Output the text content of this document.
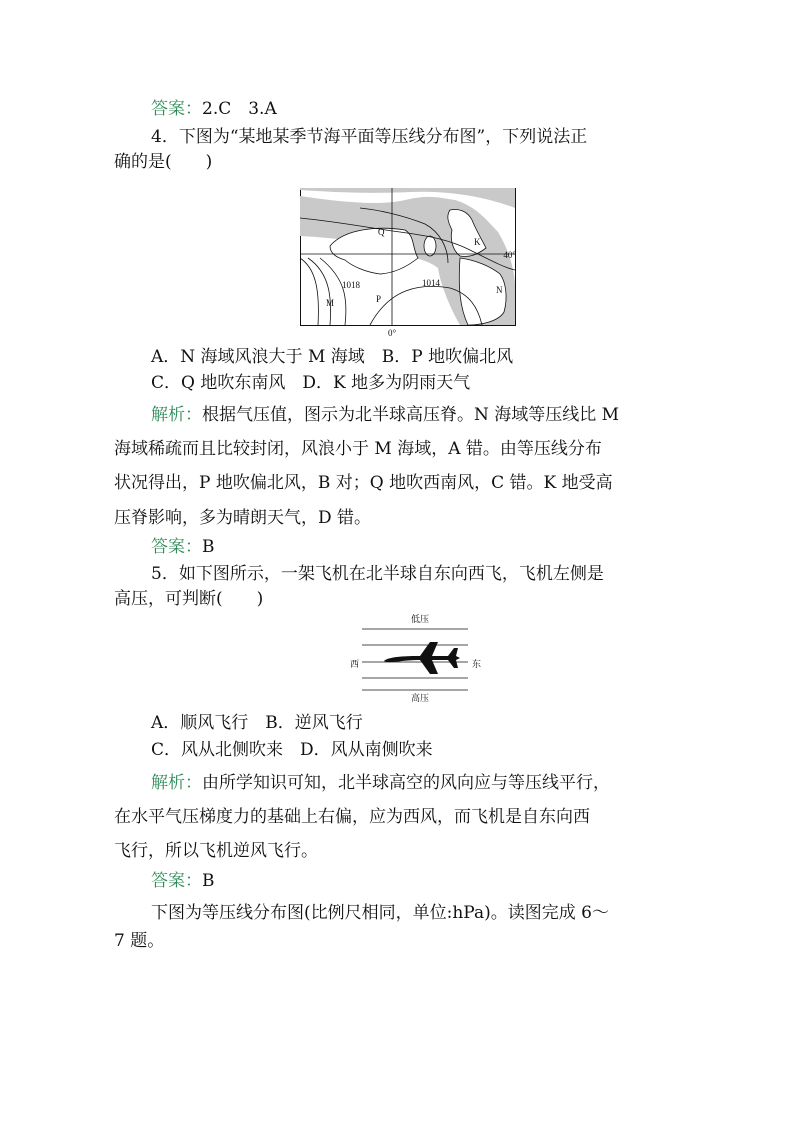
答案：2.C　3.A
4．下图为“某地某季节海平面等压线分布图”，下列说法正
确的是(　　)
Q
K
M
N
P
1018	1014
40°
0°
A．N 海域风浪大于 M 海域　B．P 地吹偏北风
C．Q 地吹东南风　D．K 地多为阴雨天气
解析：根据气压值，图示为北半球高压脊。N 海域等压线比 M
海域稀疏而且比较封闭，风浪小于 M 海域，A 错。由等压线分布
状况得出，P 地吹偏北风，B 对；Q 地吹西南风，C 错。K 地受高
压脊影响，多为晴朗天气，D 错。
答案：B
5．如下图所示，一架飞机在北半球自东向西飞，飞机左侧是
高压，可判断(　　)
低压
西	东
高压
A．顺风飞行　B．逆风飞行
C．风从北侧吹来　D．风从南侧吹来
解析：由所学知识可知，北半球高空的风向应与等压线平行，
在水平气压梯度力的基础上右偏，应为西风，而飞机是自东向西
飞行，所以飞机逆风飞行。
答案：B
下图为等压线分布图(比例尺相同，单位:hPa)。读图完成 6～
7 题。
